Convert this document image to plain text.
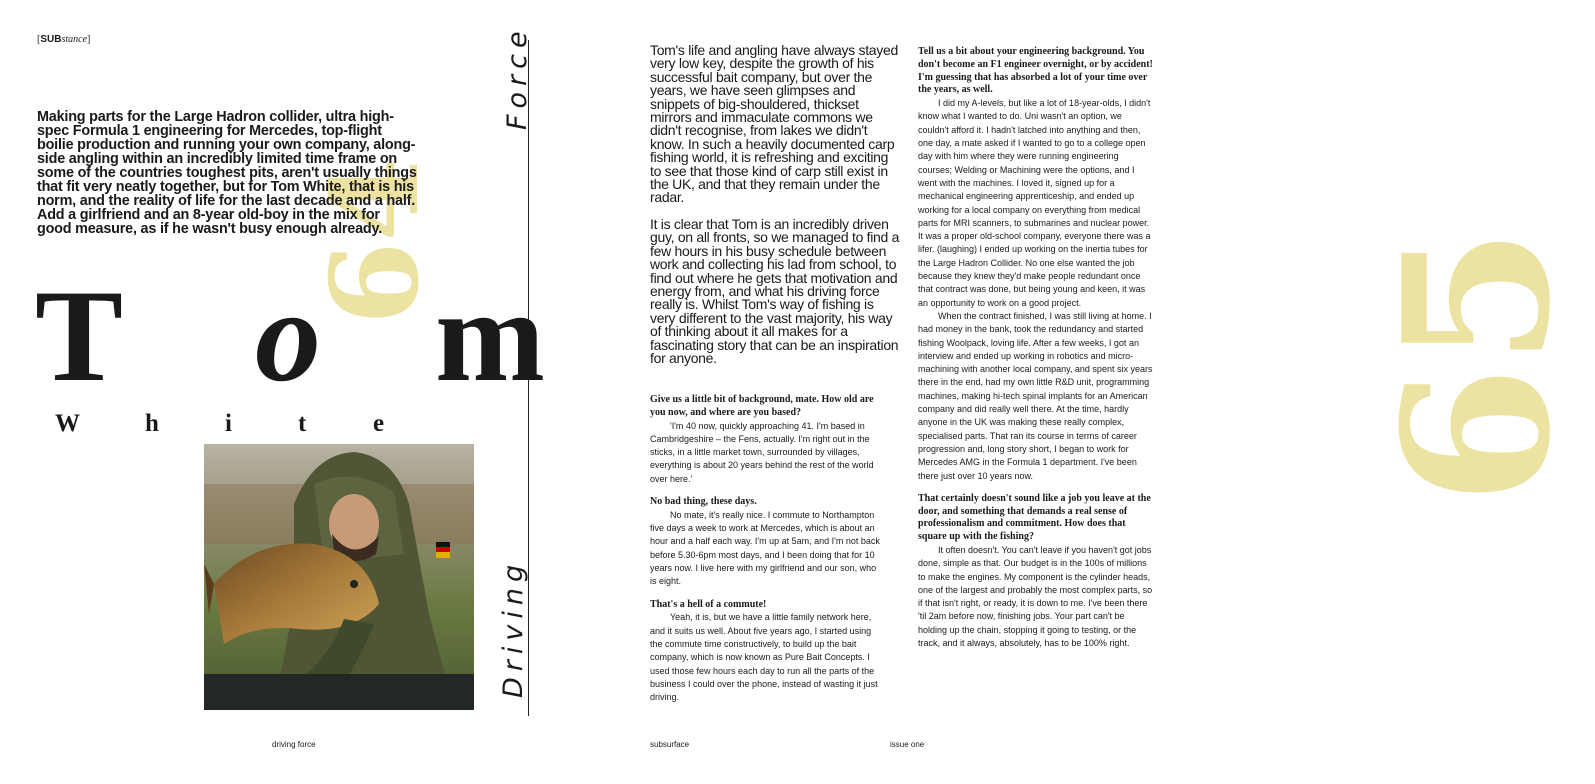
[SUBstance]
64

Making parts for the Large Hadron collider, ultra high-spec Formula 1 engineering for Mercedes, top-flight boilie production and running your own company, along-side angling within an incredibly limited time frame on some of the countries toughest pits, aren't usually things that fit very neatly together, but for Tom White, that is his norm, and the reality of life for the last decade and a half. Add a girlfriend and an 8-year old-boy in the mix for good measure, as if he wasn't busy enough already.

Force
Driving
T o m
W	h	i	t	e
driving force
65

Tom's life and angling have always stayed very low key, despite the growth of his successful bait company, but over the years, we have seen glimpses and snippets of big-shouldered, thickset mirrors and immaculate commons we didn't recognise, from lakes we didn't know. In such a heavily documented carp fishing world, it is refreshing and exciting to see that those kind of carp still exist in the UK, and that they remain under the radar.

It is clear that Tom is an incredibly driven guy, on all fronts, so we managed to find a few hours in his busy schedule between work and collecting his lad from school, to find out where he gets that motivation and energy from, and what his driving force really is. Whilst Tom's way of fishing is very different to the vast majority, his way of thinking about it all makes for a fascinating story that can be an inspiration for anyone.

Give us a little bit of background, mate. How old are you now, and where are you based?

'I'm 40 now, quickly approaching 41. I'm based in Cambridgeshire – the Fens, actually. I'm right out in the sticks, in a little market town, surrounded by villages, everything is about 20 years behind the rest of the world over here.'

No bad thing, these days.

No mate, it's really nice. I commute to Northampton five days a week to work at Mercedes, which is about an hour and a half each way. I'm up at 5am, and I'm not back before 5.30-6pm most days, and I been doing that for 10 years now. I live here with my girlfriend and our son, who is eight.

That's a hell of a commute!

Yeah, it is, but we have a little family network here, and it suits us well. About five years ago, I started using the commute time constructively, to build up the bait company, which is now known as Pure Bait Concepts. I used those few hours each day to run all the parts of the business I could over the phone, instead of wasting it just driving.

Tell us a bit about your engineering background. You don't become an F1 engineer overnight, or by accident! I'm guessing that has absorbed a lot of your time over the years, as well.

I did my A-levels, but like a lot of 18-year-olds, I didn't know what I wanted to do. Uni wasn't an option, we couldn't afford it. I hadn't latched into anything and then, one day, a mate asked if I wanted to go to a college open day with him where they were running engineering courses; Welding or Machining were the options, and I went with the machines. I loved it, signed up for a mechanical engineering apprenticeship, and ended up working for a local company on everything from medical parts for MRI scanners, to submarines and nuclear power. It was a proper old-school company, everyone there was a lifer. (laughing) I ended up working on the inertia tubes for the Large Hadron Collider. No one else wanted the job because they knew they'd make people redundant once that contract was done, but being young and keen, it was an opportunity to work on a good project.

When the contract finished, I was still living at home. I had money in the bank, took the redundancy and started fishing Woolpack, loving life. After a few weeks, I got an interview and ended up working in robotics and micro-machining with another local company, and spent six years there in the end, had my own little R&D unit, programming machines, making hi-tech spinal implants for an American company and did really well there. At the time, hardly anyone in the UK was making these really complex, specialised parts. That ran its course in terms of career progression and, long story short, I began to work for Mercedes AMG in the Formula 1 department. I've been there just over 10 years now.

That certainly doesn't sound like a job you leave at the door, and something that demands a real sense of professionalism and commitment. How does that square up with the fishing?

It often doesn't. You can't leave if you haven't got jobs done, simple as that. Our budget is in the 100s of millions to make the engines. My component is the cylinder heads, one of the largest and probably the most complex parts, so if that isn't right, or ready, it is down to me. I've been there 'til 2am before now, finishing jobs. Your part can't be holding up the chain, stopping it going to testing, or the track, and it always, absolutely, has to be 100% right.

subsurface	issue one
